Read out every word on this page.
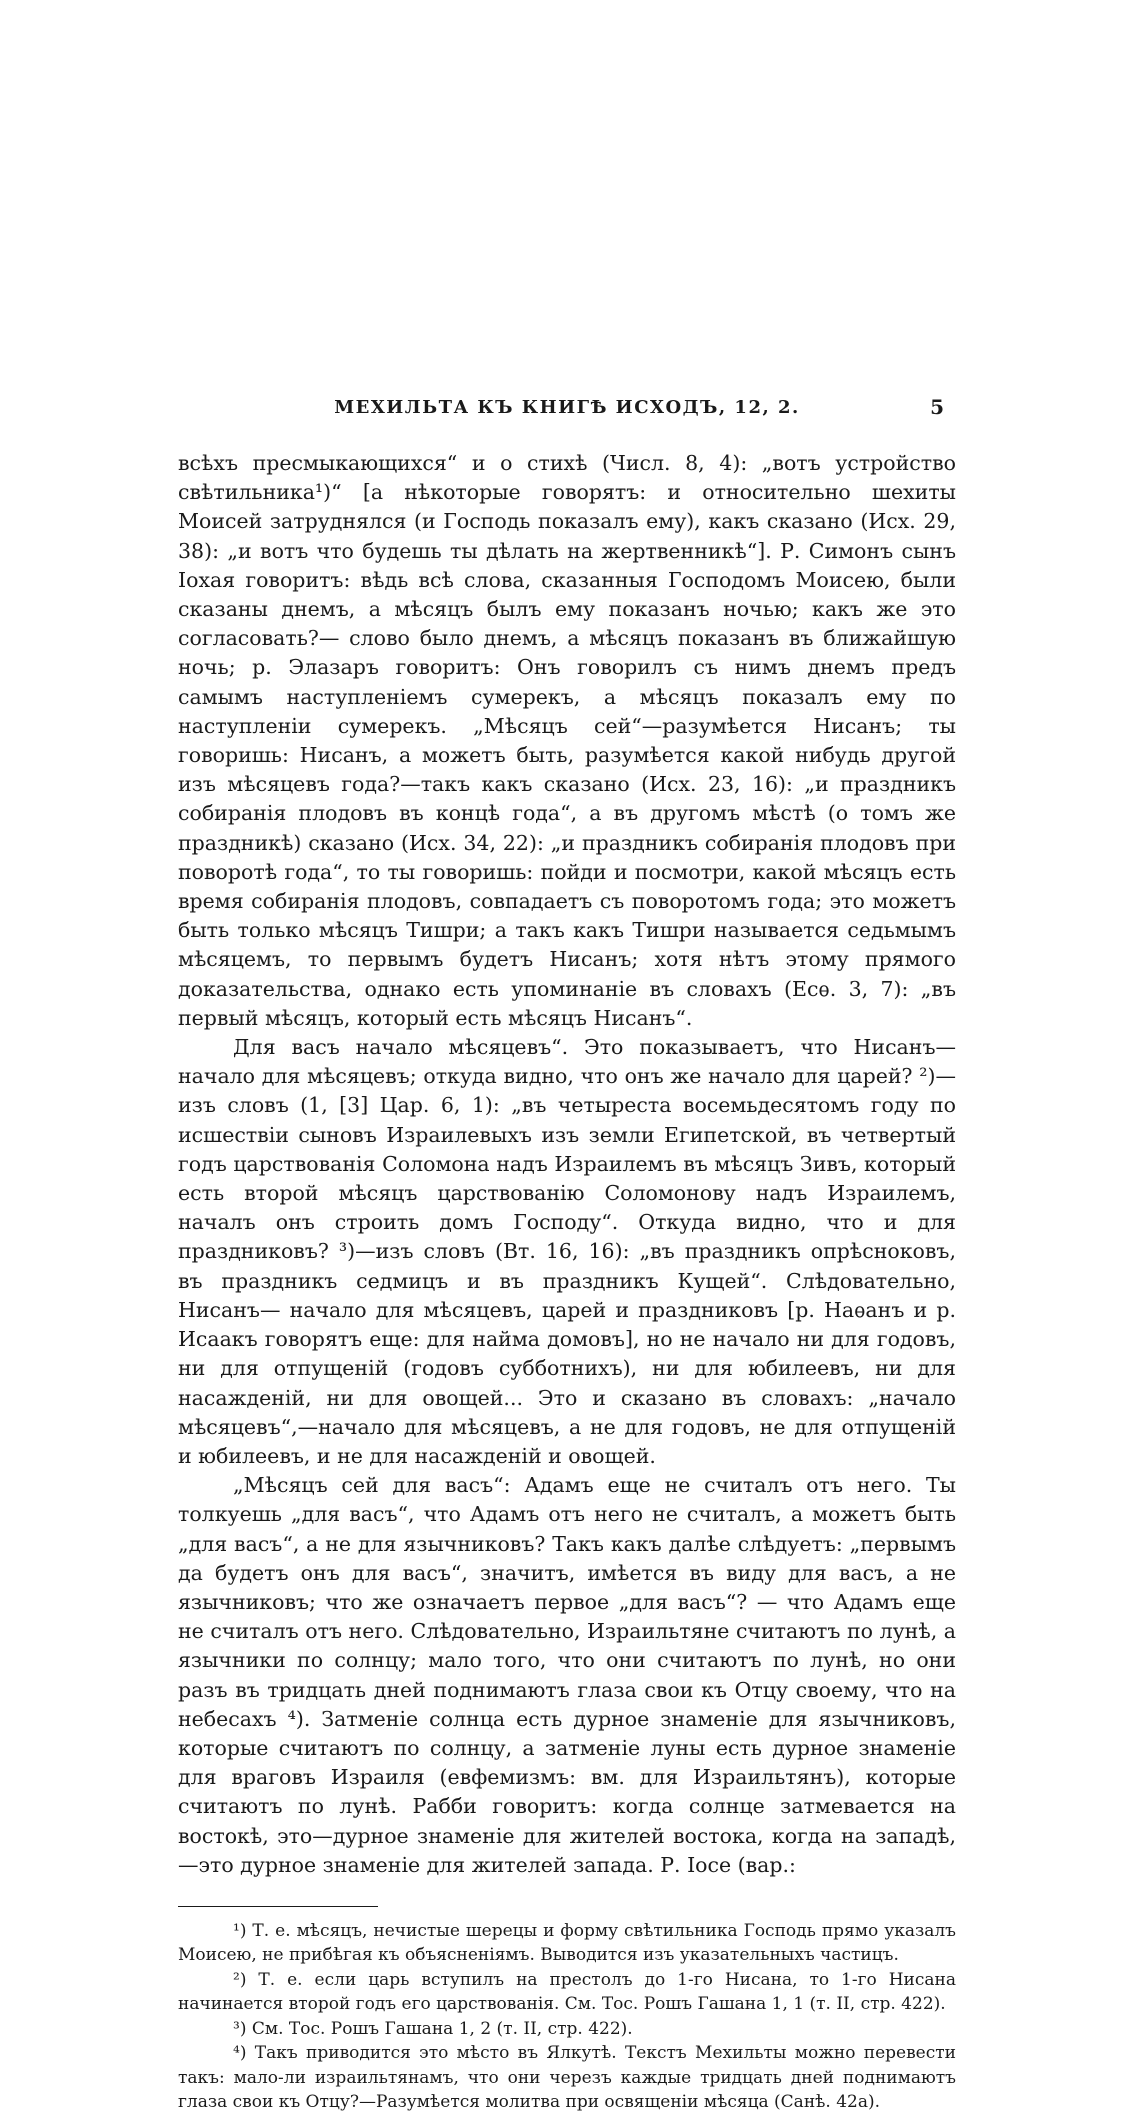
МЕХИЛЬТА КЪ КНИГѢ ИСХОДЪ, 12, 2.	5

всѣхъ пресмыкающихся“ и о стихѣ (Числ. 8, 4): „вотъ устройство свѣтильника¹)“ [а нѣкоторые говорятъ: и относительно шехиты Моисей затруднялся (и Господь показалъ ему), какъ сказано (Исх. 29, 38): „и вотъ что будешь ты дѣлать на жертвенникѣ“]. Р. Симонъ сынъ Iохая говоритъ: вѣдь всѣ слова, сказанныя Господомъ Моисею, были сказаны днемъ, а мѣсяцъ былъ ему показанъ ночью; какъ же это согласовать?— слово было днемъ, а мѣсяцъ показанъ въ ближайшую ночь; р. Элазаръ говоритъ: Онъ говорилъ съ нимъ днемъ предъ самымъ наступленiемъ сумерекъ, а мѣсяцъ показалъ ему по наступленiи сумерекъ. „Мѣсяцъ сей“—разумѣется Нисанъ; ты говоришь: Нисанъ, а можетъ быть, разумѣется какой нибудь другой изъ мѣсяцевъ года?—такъ какъ сказано (Исх. 23, 16): „и праздникъ собиранiя плодовъ въ концѣ года“, а въ другомъ мѣстѣ (о томъ же праздникѣ) сказано (Исх. 34, 22): „и праздникъ собиранiя плодовъ при поворотѣ года“, то ты говоришь: пойди и посмотри, какой мѣсяцъ есть время собиранiя плодовъ, совпадаетъ съ поворотомъ года; это можетъ быть только мѣсяцъ Тишри; а такъ какъ Тишри называется седьмымъ мѣсяцемъ, то первымъ будетъ Нисанъ; хотя нѣтъ этому прямого доказательства, однако есть упоминанiе въ словахъ (Есѳ. 3, 7): „въ первый мѣсяцъ, который есть мѣсяцъ Нисанъ“.

Для васъ начало мѣсяцевъ“. Это показываетъ, что Нисанъ—начало для мѣсяцевъ; откуда видно, что онъ же начало для царей? ²)—изъ словъ (1, [3] Цар. 6, 1): „въ четыреста восемьдесятомъ году по исшествiи сыновъ Израилевыхъ изъ земли Египетской, въ четвертый годъ царствованiя Соломона надъ Израилемъ въ мѣсяцъ Зивъ, который есть второй мѣсяцъ царствованiю Соломонову надъ Израилемъ, началъ онъ строить домъ Господу“. Откуда видно, что и для праздниковъ? ³)—изъ словъ (Вт. 16, 16): „въ праздникъ опрѣсноковъ, въ праздникъ седмицъ и въ праздникъ Кущей“. Слѣдовательно, Нисанъ— начало для мѣсяцевъ, царей и праздниковъ [р. Наѳанъ и р. Исаакъ говорятъ еще: для найма домовъ], но не начало ни для годовъ, ни для отпущенiй (годовъ субботнихъ), ни для юбилеевъ, ни для насажденiй, ни для овощей... Это и сказано въ словахъ: „начало мѣсяцевъ“,—начало для мѣсяцевъ, а не для годовъ, не для отпущенiй и юбилеевъ, и не для насажденiй и овощей.

„Мѣсяцъ сей для васъ“: Адамъ еще не считалъ отъ него. Ты толкуешь „для васъ“, что Адамъ отъ него не считалъ, а можетъ быть „для васъ“, а не для язычниковъ? Такъ какъ далѣе слѣдуетъ: „первымъ да будетъ онъ для васъ“, значитъ, имѣется въ виду для васъ, а не язычниковъ; что же означаетъ первое „для васъ“? — что Адамъ еще не считалъ отъ него. Слѣдовательно, Израильтяне считаютъ по лунѣ, а язычники по солнцу; мало того, что они считаютъ по лунѣ, но они разъ въ тридцать дней поднимаютъ глаза свои къ Отцу своему, что на небесахъ ⁴). Затменiе солнца есть дурное знаменiе для язычниковъ, которые считаютъ по солнцу, а затменiе луны есть дурное знаменiе для враговъ Израиля (евфемизмъ: вм. для Израильтянъ), которые считаютъ по лунѣ. Рабби говоритъ: когда солнце затмевается на востокѣ, это—дурное знаменiе для жителей востока, когда на западѣ,—это дурное знаменiе для жителей запада. Р. Iосе (вар.:

¹) Т. е. мѣсяцъ, нечистые шерецы и форму свѣтильника Господь прямо указалъ Моисею, не прибѣгая къ объясненiямъ. Выводится изъ указательныхъ частицъ.

²) Т. е. если царь вступилъ на престолъ до 1-го Нисана, то 1-го Нисана начинается второй годъ его царствованiя. См. Тос. Рошъ Гашана 1, 1 (т. II, стр. 422).

³) См. Тос. Рошъ Гашана 1, 2 (т. II, стр. 422).

⁴) Такъ приводится это мѣсто въ Ялкутѣ. Текстъ Мехильты можно перевести такъ: мало-ли израильтянамъ, что они черезъ каждые тридцать дней поднимаютъ глаза свои къ Отцу?—Разумѣется молитва при освященiи мѣсяца (Санѣ. 42а).
